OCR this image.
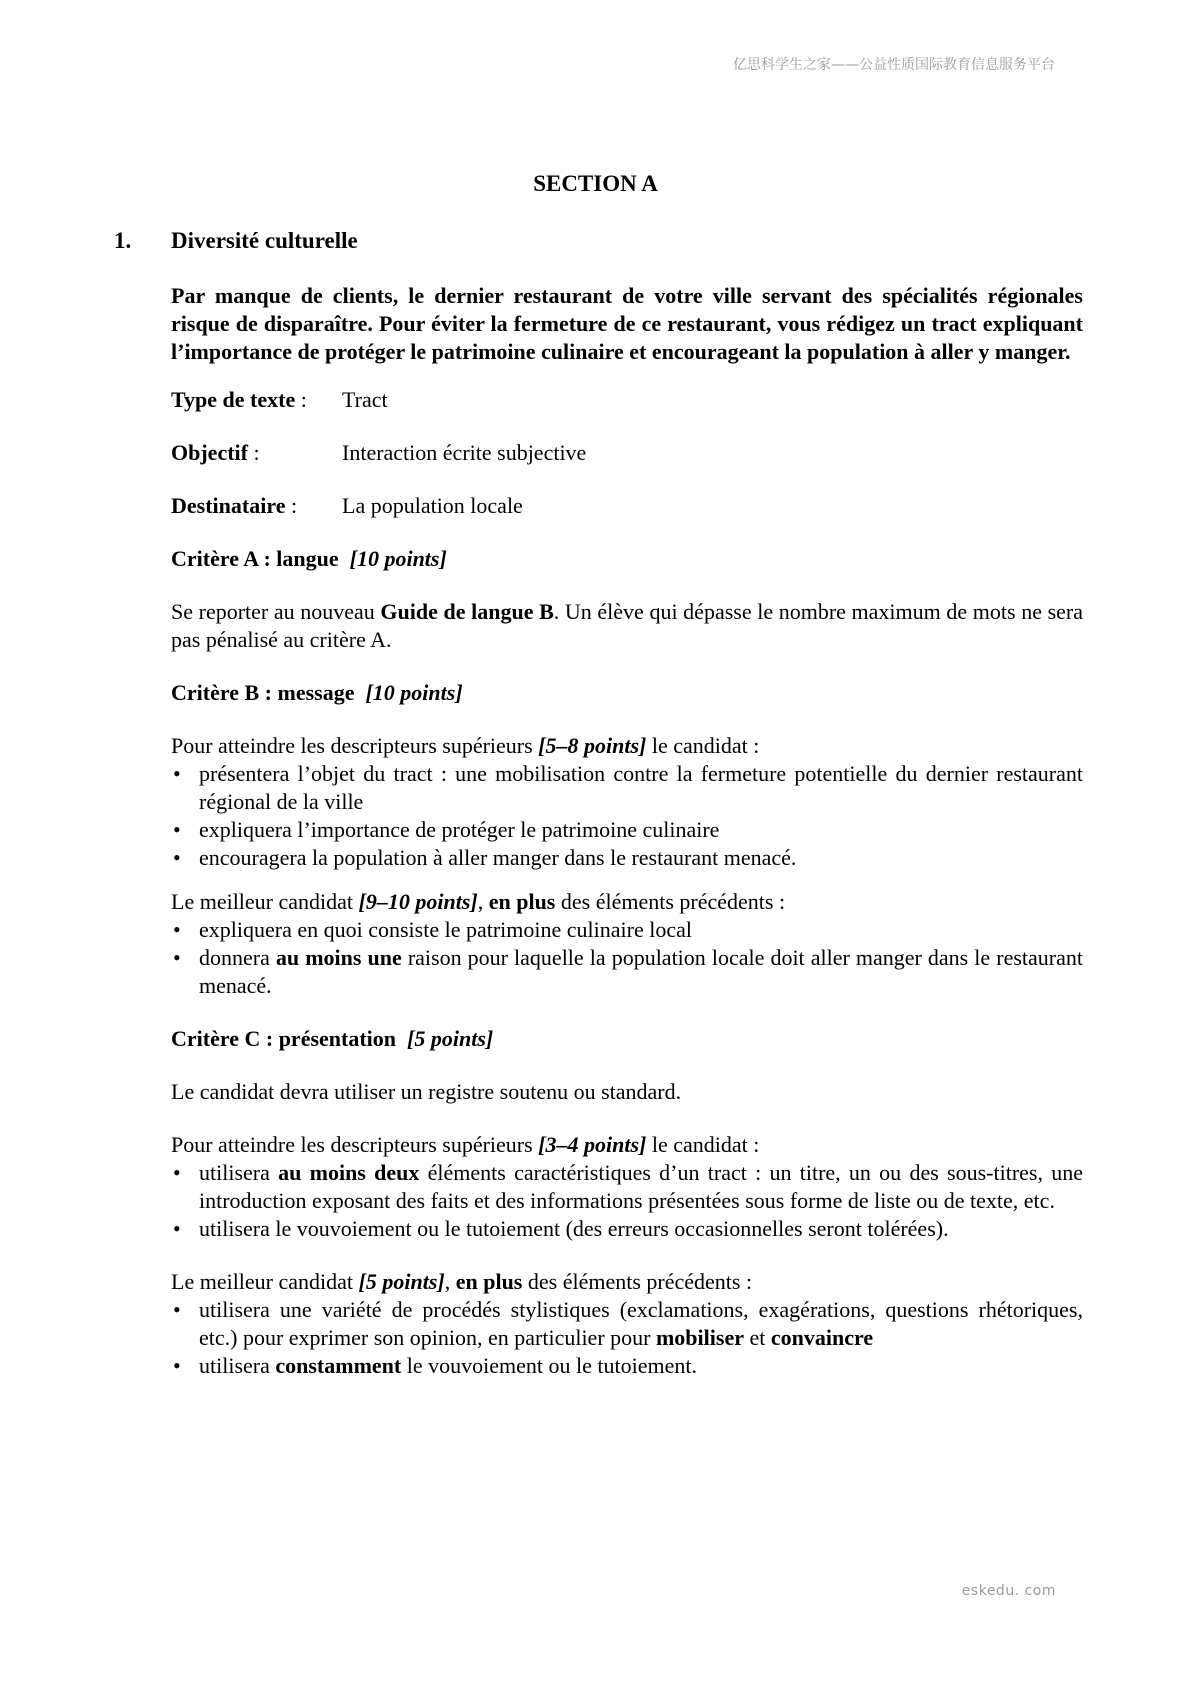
亿思科学生之家——公益性质国际教育信息服务平台
SECTION A
1. Diversité culturelle

Par manque de clients, le dernier restaurant de votre ville servant des spécialités régionales risque de disparaître. Pour éviter la fermeture de ce restaurant, vous rédigez un tract expliquant l’importance de protéger le patrimoine culinaire et encourageant la population à aller y manger.

Type de texte :	Tract
Objectif :	Interaction écrite subjective
Destinataire :	La population locale

Critère A : langue [10 points]

Se reporter au nouveau Guide de langue B. Un élève qui dépasse le nombre maximum de mots ne sera pas pénalisé au critère A.

Critère B : message [10 points]

Pour atteindre les descripteurs supérieurs [5–8 points] le candidat :

• présentera l’objet du tract : une mobilisation contre la fermeture potentielle du dernier restaurant régional de la ville
• expliquera l’importance de protéger le patrimoine culinaire
• encouragera la population à aller manger dans le restaurant menacé.

Le meilleur candidat [9–10 points], en plus des éléments précédents :

• expliquera en quoi consiste le patrimoine culinaire local
• donnera au moins une raison pour laquelle la population locale doit aller manger dans le restaurant menacé.

Critère C : présentation [5 points]

Le candidat devra utiliser un registre soutenu ou standard.

Pour atteindre les descripteurs supérieurs [3–4 points] le candidat :

• utilisera au moins deux éléments caractéristiques d’un tract : un titre, un ou des sous-titres, une introduction exposant des faits et des informations présentées sous forme de liste ou de texte, etc.
• utilisera le vouvoiement ou le tutoiement (des erreurs occasionnelles seront tolérées).

Le meilleur candidat [5 points], en plus des éléments précédents :

• utilisera une variété de procédés stylistiques (exclamations, exagérations, questions rhétoriques, etc.) pour exprimer son opinion, en particulier pour mobiliser et convaincre
• utilisera constamment le vouvoiement ou le tutoiement.
eskedu. com
